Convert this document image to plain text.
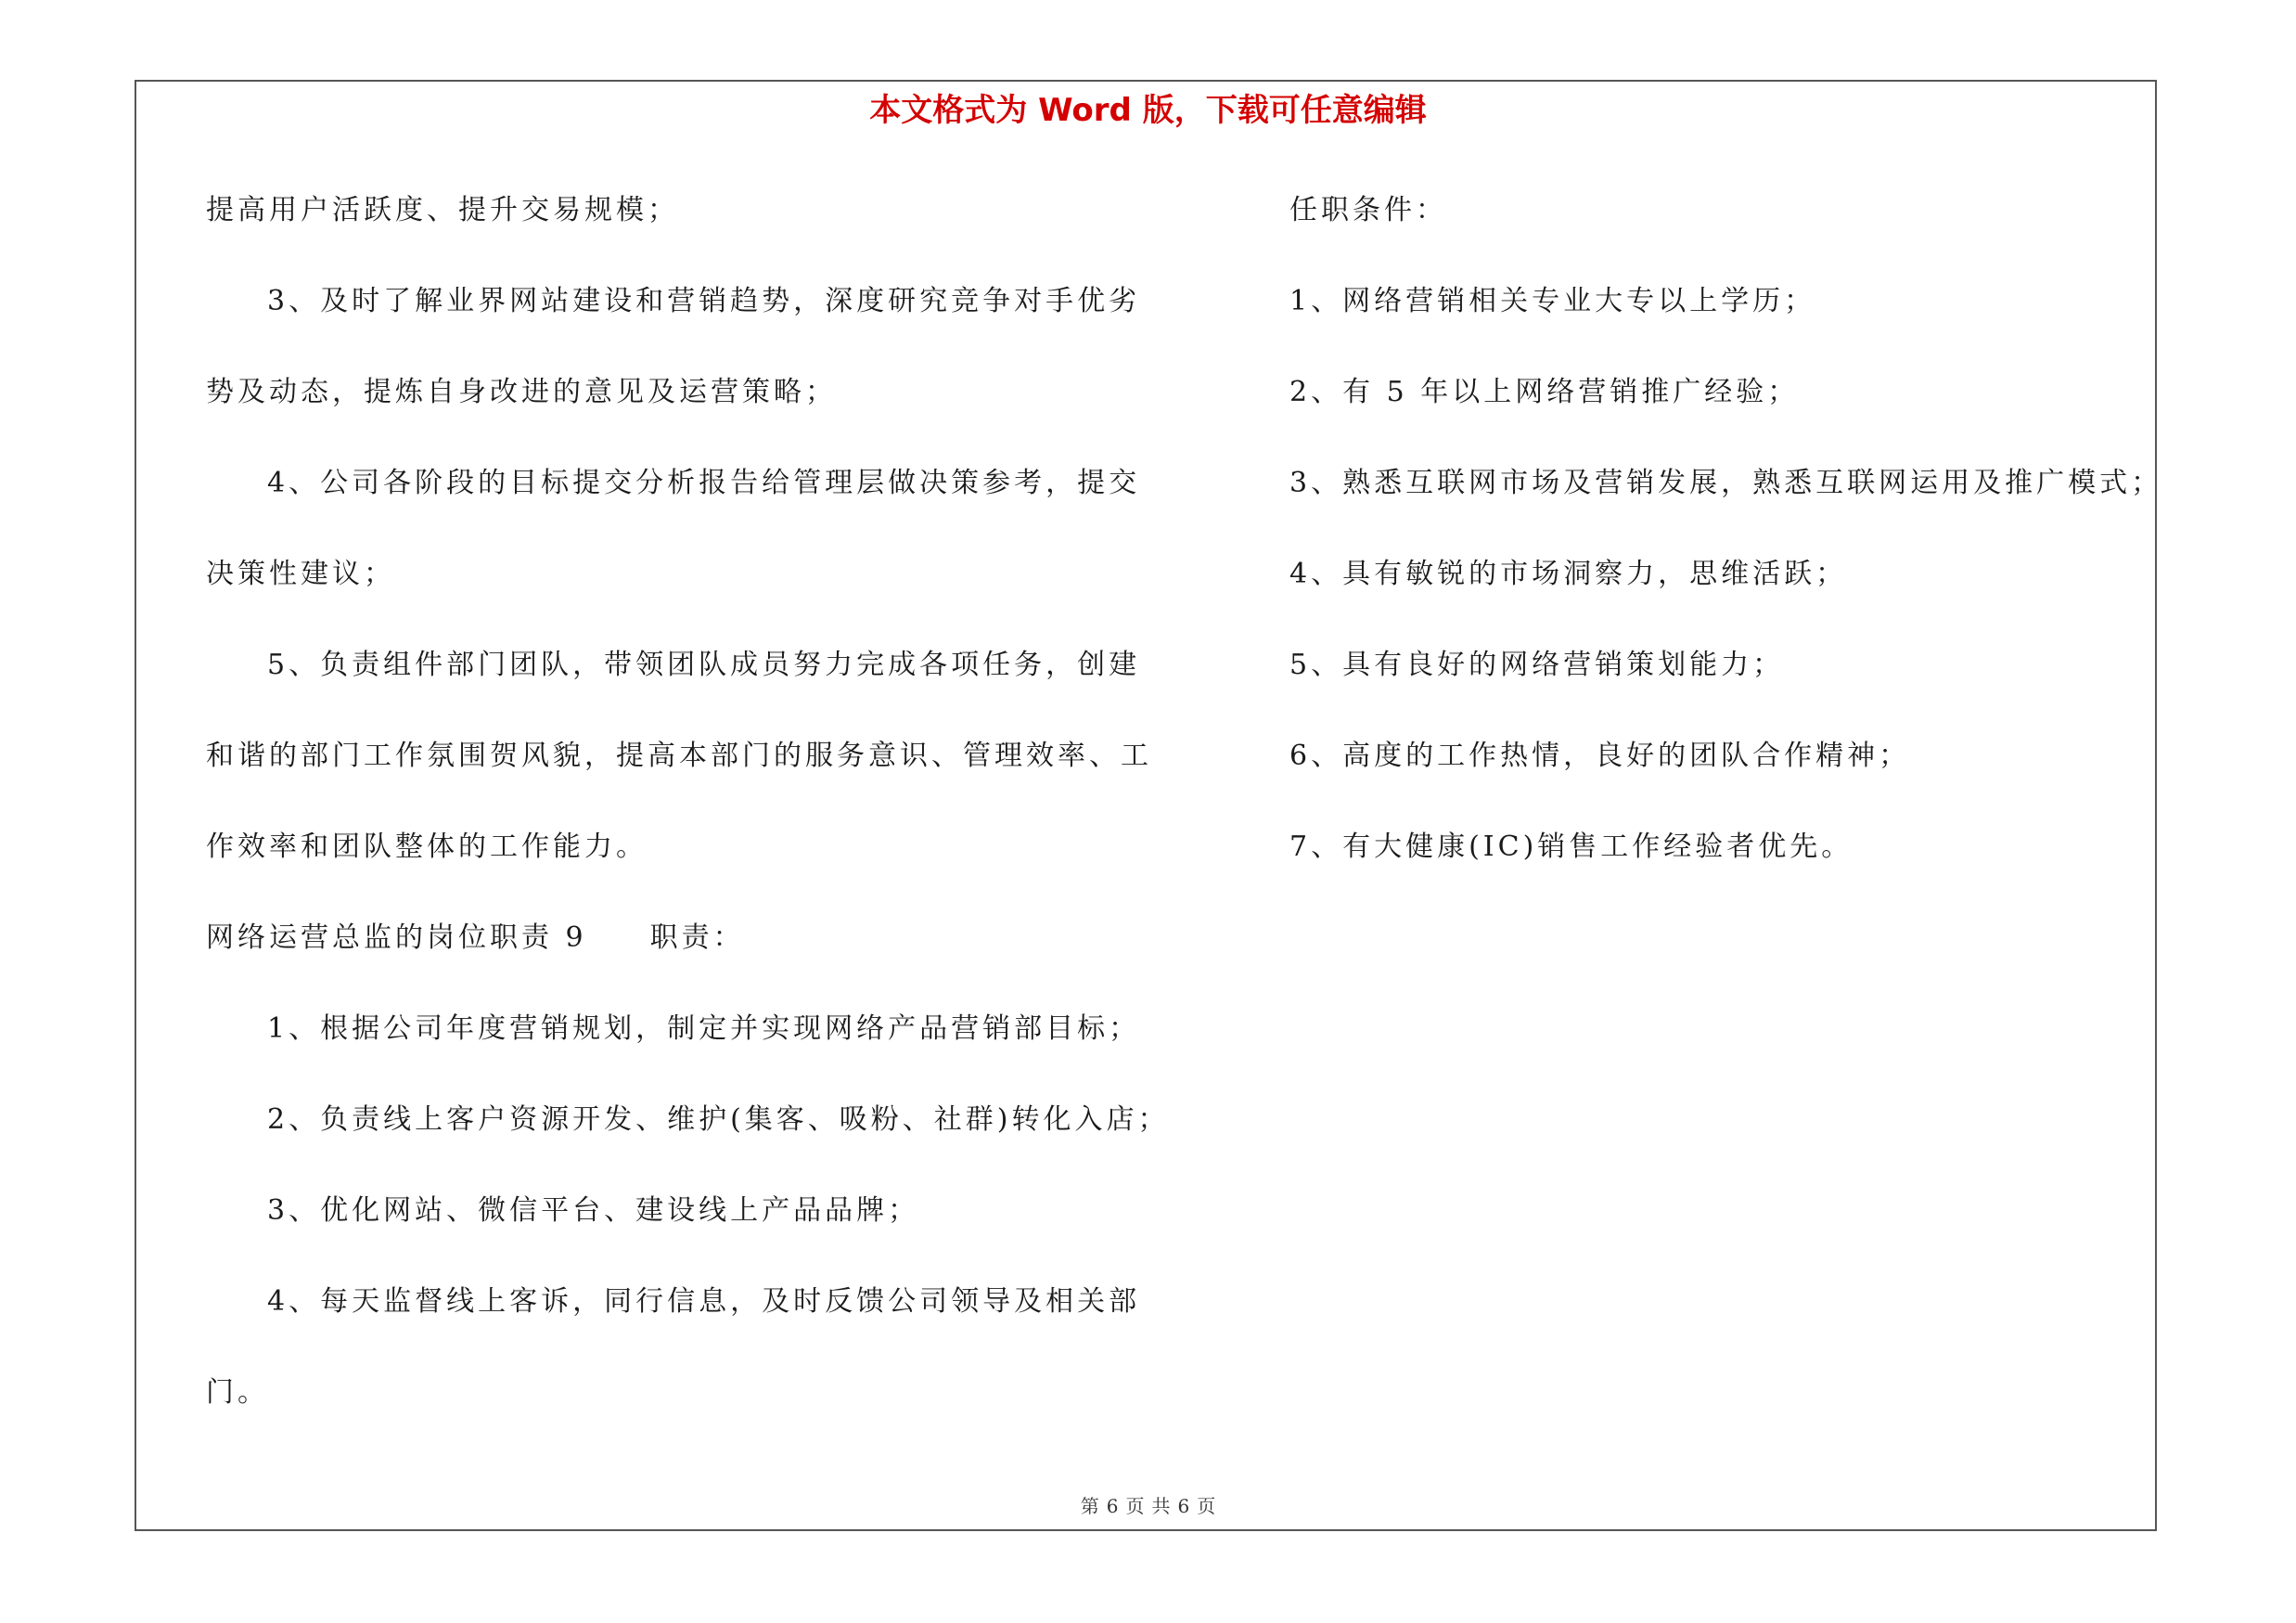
本文格式为 Word 版，下载可任意编辑
提高用户活跃度、提升交易规模；
3、及时了解业界网站建设和营销趋势，深度研究竞争对手优劣
势及动态，提炼自身改进的意见及运营策略；
4、公司各阶段的目标提交分析报告给管理层做决策参考，提交
决策性建议；
5、负责组件部门团队，带领团队成员努力完成各项任务，创建
和谐的部门工作氛围贺风貌，提高本部门的服务意识、管理效率、工
作效率和团队整体的工作能力。
网络运营总监的岗位职责 9　　职责：
1、根据公司年度营销规划，制定并实现网络产品营销部目标；
2、负责线上客户资源开发、维护(集客、吸粉、社群)转化入店；
3、优化网站、微信平台、建设线上产品品牌；
4、每天监督线上客诉，同行信息，及时反馈公司领导及相关部
门。
任职条件：
1、网络营销相关专业大专以上学历；
2、有 5 年以上网络营销推广经验；
3、熟悉互联网市场及营销发展，熟悉互联网运用及推广模式；
4、具有敏锐的市场洞察力，思维活跃；
5、具有良好的网络营销策划能力；
6、高度的工作热情，良好的团队合作精神；
7、有大健康(IC)销售工作经验者优先。
第 6 页 共 6 页
